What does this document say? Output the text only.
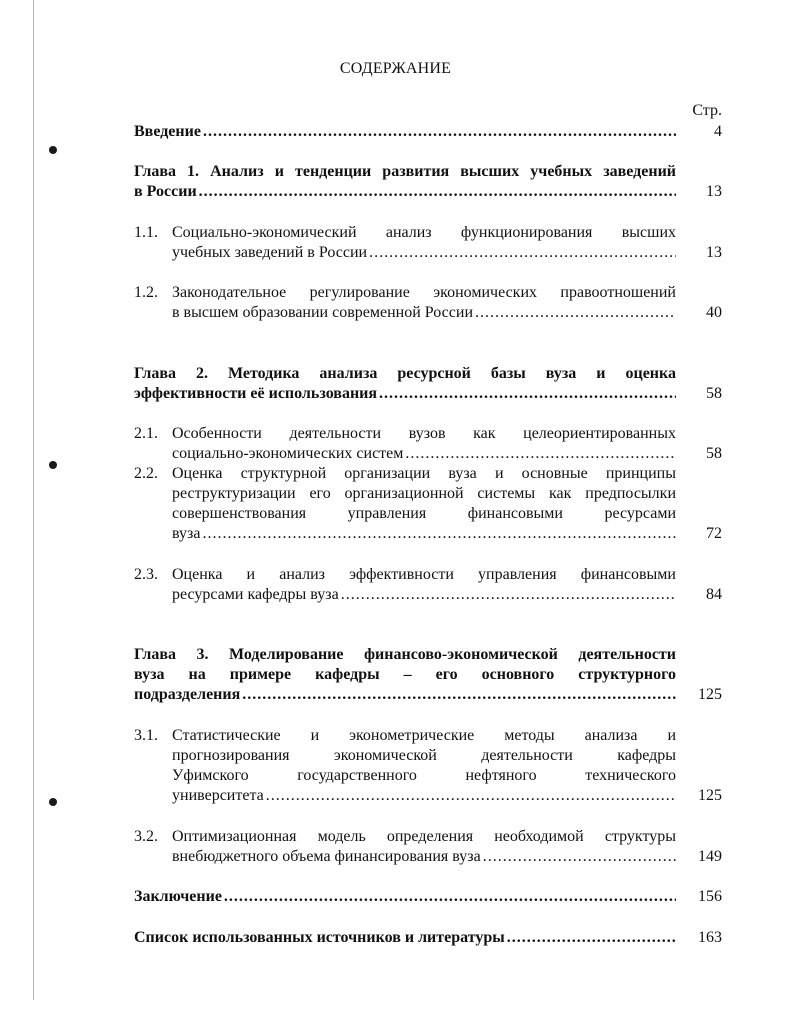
СОДЕРЖАНИЕ
Стр.
Введение .....	4
Глава 1. Анализ и тенденции развития высших учебных заведений
в России .....	13
1.1. Социально-экономический анализ функционирования высших
учебных заведений в России .....	13
1.2. Законодательное регулирование экономических правоотношений
в высшем образовании современной России .....	40
Глава 2. Методика анализа ресурсной базы вуза и оценка
эффективности её использования .....	58
2.1. Особенности деятельности вузов как целеориентированных
социально-экономических систем .....	58
2.2. Оценка структурной организации вуза и основные принципы
реструктуризации его организационной системы как предпосылки
совершенствования управления финансовыми ресурсами
вуза .....	72
2.3. Оценка и анализ эффективности управления финансовыми
ресурсами кафедры вуза .....	84
Глава 3. Моделирование финансово-экономической деятельности
вуза на примере кафедры – его основного структурного
подразделения .....	125
3.1. Статистические и эконометрические методы анализа и
прогнозирования экономической деятельности кафедры
Уфимского государственного нефтяного технического
университета .....	125
3.2. Оптимизационная модель определения необходимой структуры
внебюджетного объема финансирования вуза .....	149
Заключение .....	156
Список использованных источников и литературы .....	163
